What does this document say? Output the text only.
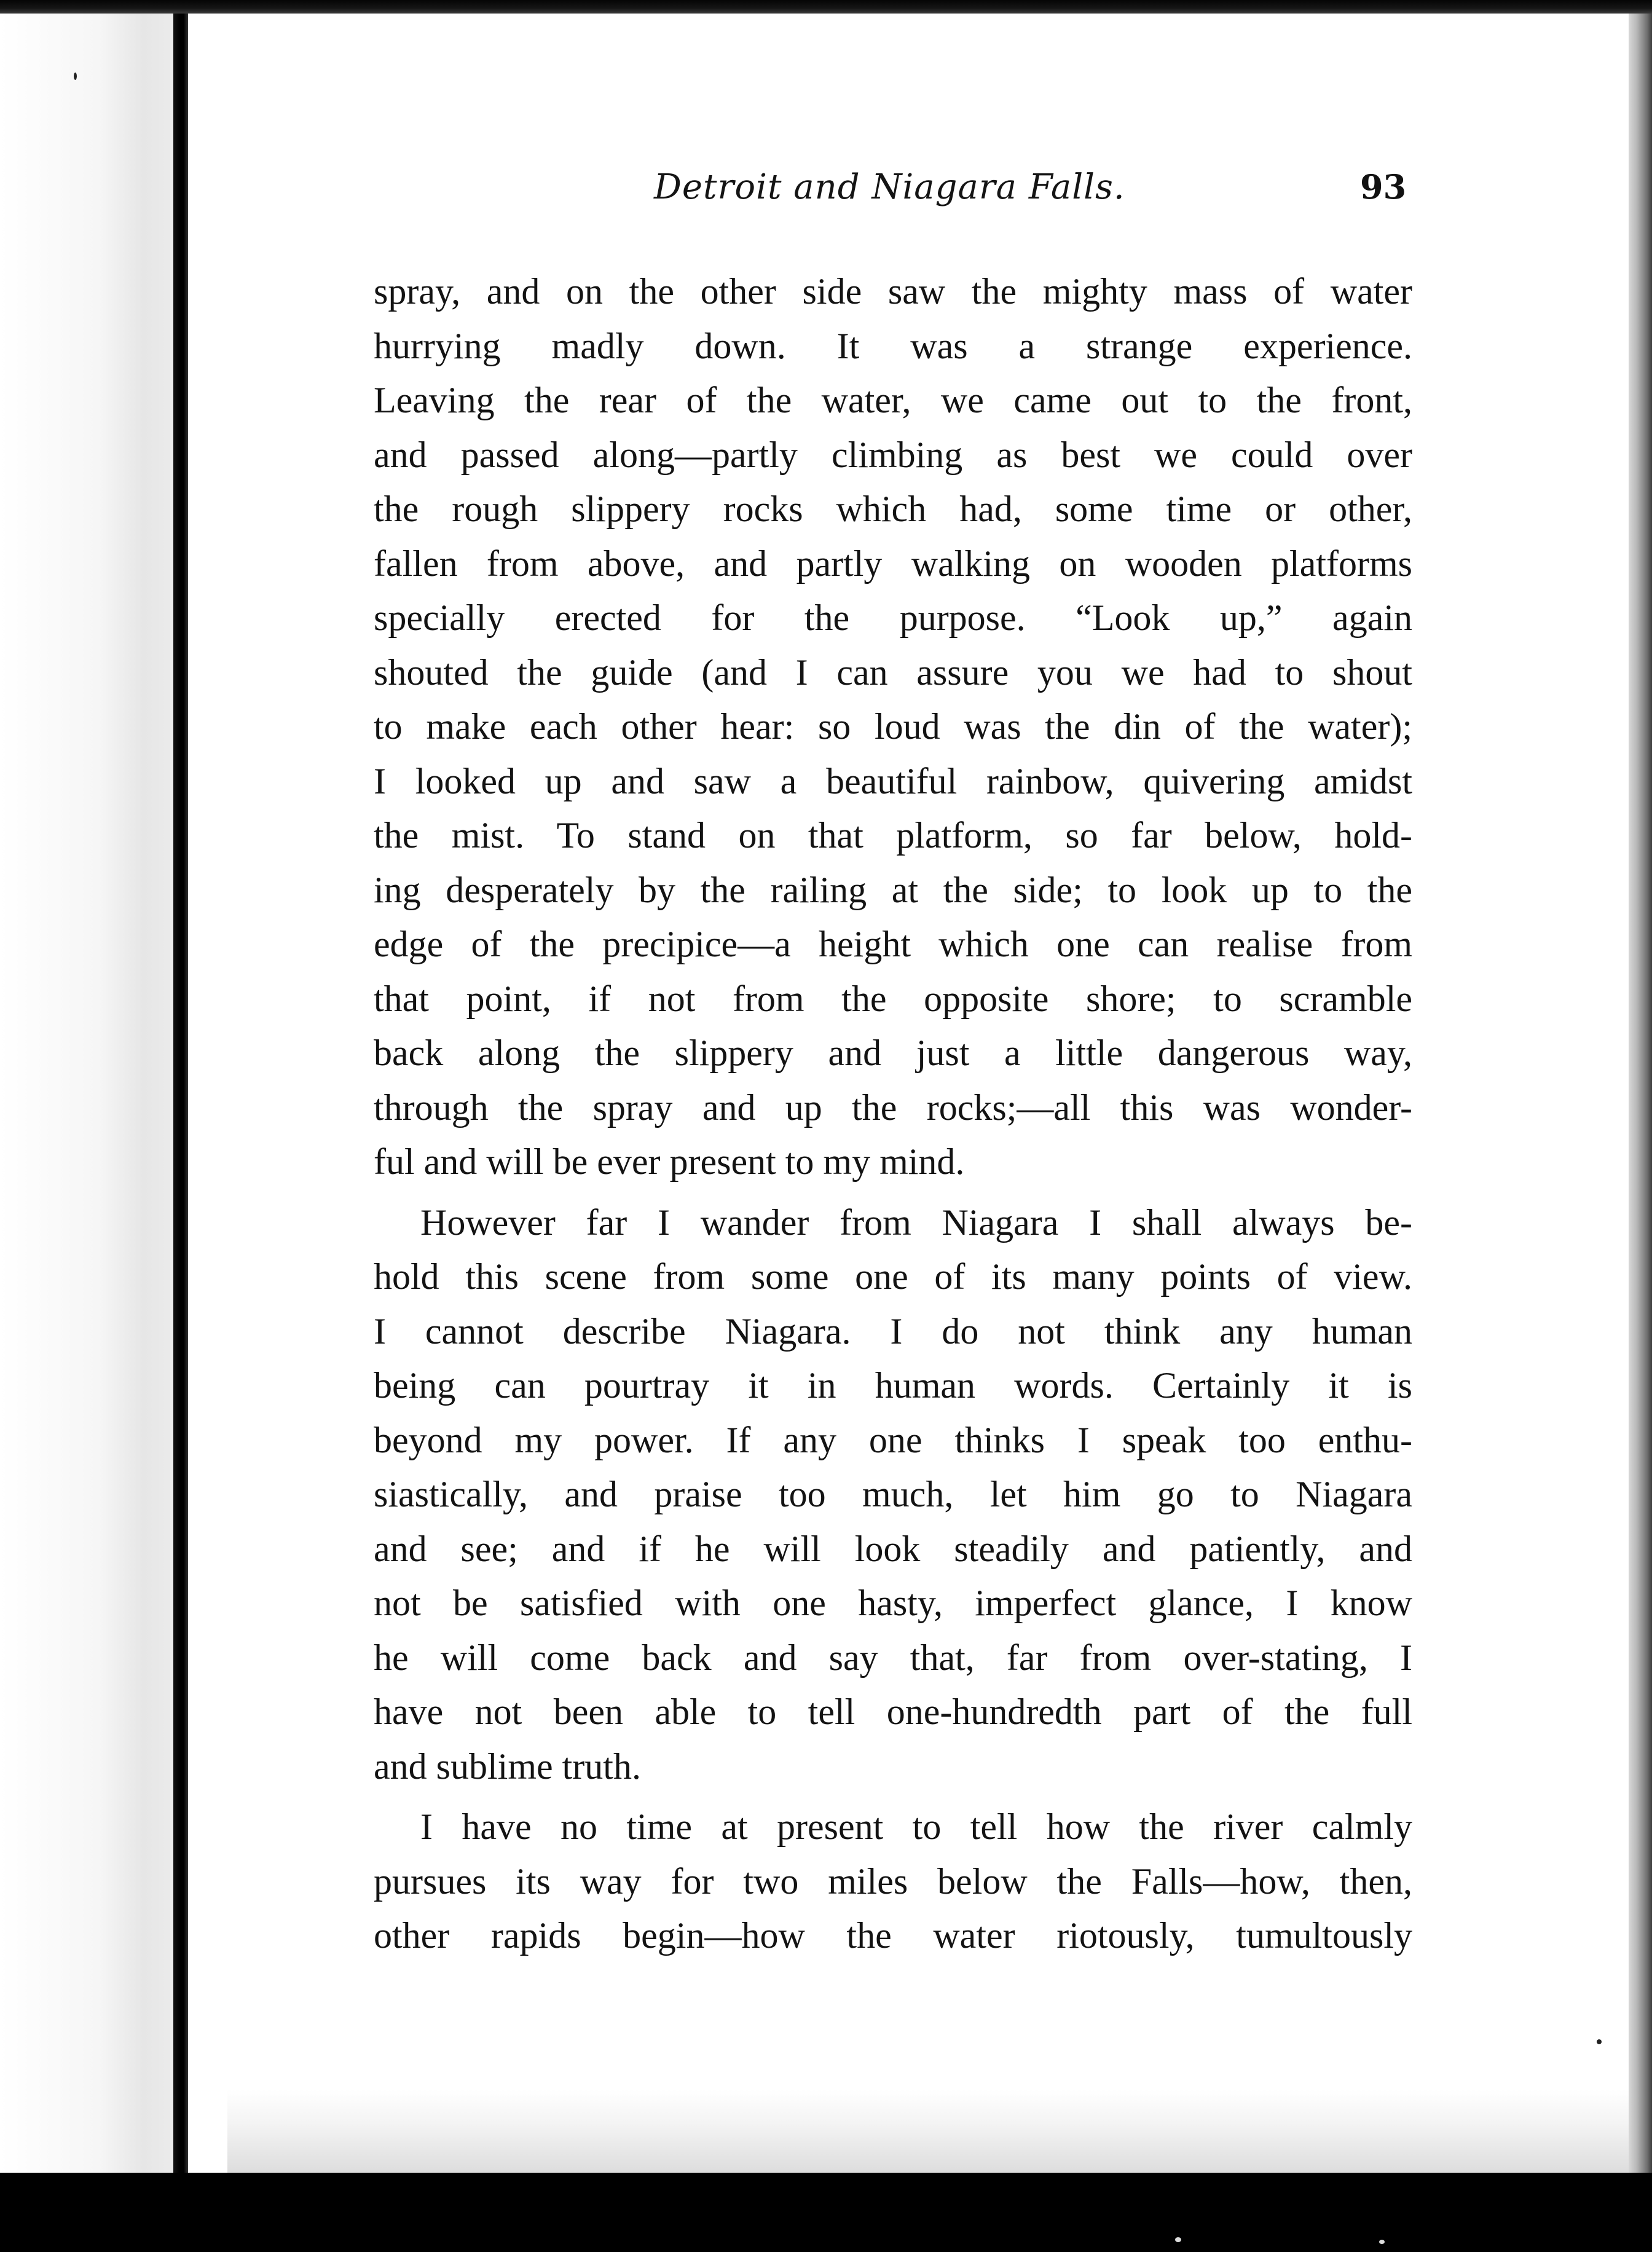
Detroit and Niagara Falls.	93
spray, and on the other side saw the mighty mass of water
hurrying madly down. It was a strange experience.
Leaving the rear of the water, we came out to the front,
and passed along—partly climbing as best we could over
the rough slippery rocks which had, some time or other,
fallen from above, and partly walking on wooden platforms
specially erected for the purpose. “Look up,” again
shouted the guide (and I can assure you we had to shout
to make each other hear: so loud was the din of the water);
I looked up and saw a beautiful rainbow, quivering amidst
the mist. To stand on that platform, so far below, hold-
ing desperately by the railing at the side; to look up to the
edge of the precipice—a height which one can realise from
that point, if not from the opposite shore; to scramble
back along the slippery and just a little dangerous way,
through the spray and up the rocks;—all this was wonder-
ful and will be ever present to my mind.
However far I wander from Niagara I shall always be-
hold this scene from some one of its many points of view.
I cannot describe Niagara. I do not think any human
being can pourtray it in human words. Certainly it is
beyond my power. If any one thinks I speak too enthu-
siastically, and praise too much, let him go to Niagara
and see; and if he will look steadily and patiently, and
not be satisfied with one hasty, imperfect glance, I know
he will come back and say that, far from over-stating, I
have not been able to tell one-hundredth part of the full
and sublime truth.
I have no time at present to tell how the river calmly
pursues its way for two miles below the Falls—how, then,
other rapids begin—how the water riotously, tumultously
